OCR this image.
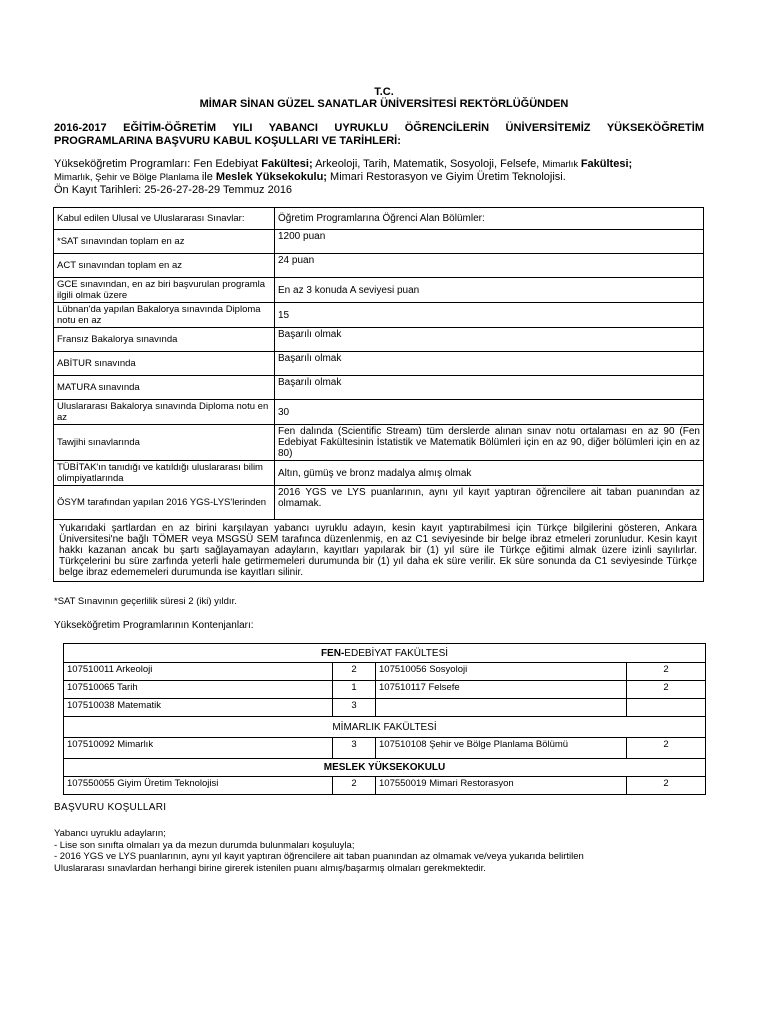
T.C.
MİMAR SİNAN GÜZEL SANATLAR ÜNİVERSİTESİ REKTÖRLÜĞÜNDEN
2016-2017 EĞİTİM-ÖĞRETİM YILI YABANCI UYRUKLU ÖĞRENCİLERİN ÜNİVERSİTEMİZ YÜKSEKÖĞRETİM PROGRAMLARINA BAŞVURU KABUL KOŞULLARI VE TARİHLERİ:
Yükseköğretim Programları: Fen Edebiyat Fakültesi; Arkeoloji, Tarih, Matematik, Sosyoloji, Felsefe, Mimarlık Fakültesi;
Mimarlık, Şehir ve Bölge Planlama ile Meslek Yüksekokulu; Mimari Restorasyon ve Giyim Üretim Teknolojisi.
Ön Kayıt Tarihleri: 25-26-27-28-29 Temmuz 2016
Kabul edilen Ulusal ve Uluslararası Sınavlar:	Öğretim Programlarına Öğrenci Alan Bölümler:
*SAT sınavından toplam en az	1200 puan
ACT sınavından toplam en az	24 puan
GCE sınavından, en az biri başvurulan programla ilgili olmak üzere	En az 3 konuda A seviyesi puan
Lübnan'da yapılan Bakalorya sınavında Diploma notu en az	15
Fransız Bakalorya sınavında	Başarılı olmak
ABİTUR sınavında	Başarılı olmak
MATURA sınavında	Başarılı olmak
Uluslararası Bakalorya sınavında Diploma notu en az	30
Tawjihi sınavlarında	Fen dalında (Scientific Stream) tüm derslerde alınan sınav notu ortalaması en az 90 (Fen Edebiyat Fakültesinin İstatistik ve Matematik Bölümleri için en az 90, diğer bölümleri için en az 80)
TÜBİTAK'ın tanıdığı ve katıldığı uluslararası bilim olimpiyatlarında	Altın, gümüş ve bronz madalya almış olmak
ÖSYM tarafından yapılan 2016 YGS-LYS'lerinden	2016 YGS ve LYS puanlarının, aynı yıl kayıt yaptıran öğrencilere ait taban puanından az olmamak.
Yukarıdaki şartlardan en az birini karşılayan yabancı uyruklu adayın, kesin kayıt yaptırabilmesi için Türkçe bilgilerini gösteren, Ankara Üniversitesi'ne bağlı TÖMER veya MSGSÜ SEM tarafınca düzenlenmiş, en az C1 seviyesinde bir belge ibraz etmeleri zorunludur. Kesin kayıt hakkı kazanan ancak bu şartı sağlayamayan adayların, kayıtları yapılarak bir (1) yıl süre ile Türkçe eğitimi almak üzere izinli sayılırlar. Türkçelerini bu süre zarfında yeterli hale getirmemeleri durumunda bir (1) yıl daha ek süre verilir. Ek süre sonunda da C1 seviyesinde Türkçe belge ibraz edememeleri durumunda ise kayıtları silinir.	
*SAT Sınavının geçerlilik süresi 2 (iki) yıldır.
Yükseköğretim Programlarının Kontenjanları:
FEN-EDEBİYAT FAKÜLTESİ			
107510011 Arkeoloji	2	107510056 Sosyoloji	2
107510065 Tarih	1	107510117 Felsefe	2
107510038 Matematik	3		
MİMARLIK FAKÜLTESİ			
107510092 Mimarlık	3	107510108 Şehir ve Bölge Planlama Bölümü	2
MESLEK YÜKSEKOKULU			
107550055 Giyim Üretim Teknolojisi	2	107550019 Mimari Restorasyon	2
BAŞVURU KOŞULLARI
Yabancı uyruklu adayların;
- Lise son sınıfta olmaları ya da mezun durumda bulunmaları koşuluyla;
- 2016 YGS ve LYS puanlarının, aynı yıl kayıt yaptıran öğrencilere ait taban puanından az olmamak ve/veya yukarıda belirtilen
Uluslararası sınavlardan herhangi birine girerek istenilen puanı almış/başarmış olmaları gerekmektedir.
